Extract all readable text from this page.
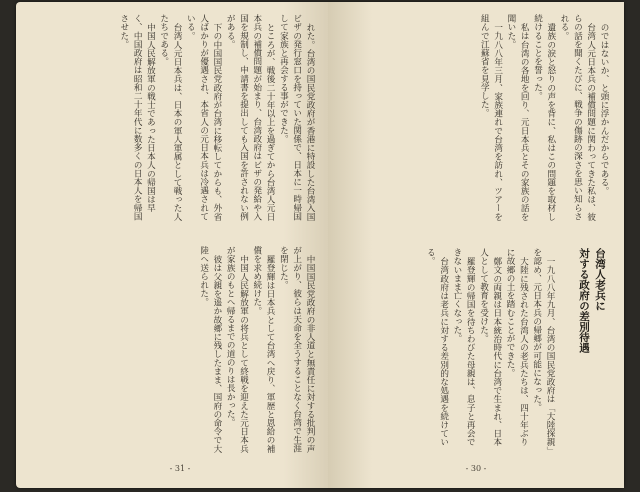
れた。台湾の国民党政府が香港に特設した台湾入国ビザの発行窓口を持っていた関係で、日本に一時帰国して家族と再会する事ができた。

ところが、戦後二十年以上を過ぎてから台湾人元日本兵の補償問題が始まり、台湾政府はビザの発給や入国を規制し、申請書を提出しても入国を許されない例がある。

下の中国国民党政府が台湾に移転してからも、外省人ばかりが優遇され、本省人の元日本兵は冷遇されている。

台湾人元日本兵は、日本の軍人軍属として戦った人たちである。

中国人民解放軍の戦士であった日本人の帰国は早く、中国政府は昭和二十年代に数多くの日本人を帰国させた。

中国国民党政府の非人道と無責任に対する批判の声が上がり、彼らは天命を全うすることなく台湾で生涯を閉じた。

羅登輝は日本兵として台湾へ戻り、軍歴と恩給の補償を求め続けた。

中国人民解放軍の将兵として終戦を迎えた元日本兵が家族のもとへ帰るまでの道のりは長かった。

彼は父親を遥か故郷に残したまま、国府の命令で大陸へ送られた。

- 31 -

のではないか、と頭に浮かんだからである。

台湾人元日本兵の補償問題に関わってきた私は、彼らの話を聞くたびに、戦争の傷跡の深さを思い知らされる。

遺族の涙と怒りの声を背に、私はこの問題を取材し続けることを誓った。

私は台湾の各地を回り、元日本兵とその家族の話を聞いた。

一九八八年三月、家族連れで台湾を訪れ、ツアーを組んで江蘇省を見学した。

台湾人老兵に
対する政府の差別待遇

一九八八年九月、台湾の国民党政府は「大陸探親」を認め、元日本兵の帰郷が可能になった。

大陸に残された台湾人の老兵たちは、四十年ぶりに故郷の土を踏むことができた。

鄭文の両親は日本統治時代に台湾で生まれ、日本人として教育を受けた。

羅登輝の帰国を待ちわびた母親は、息子と再会できないまま亡くなった。

台湾政府は老兵に対する差別的な処遇を続けている。

- 30 -
